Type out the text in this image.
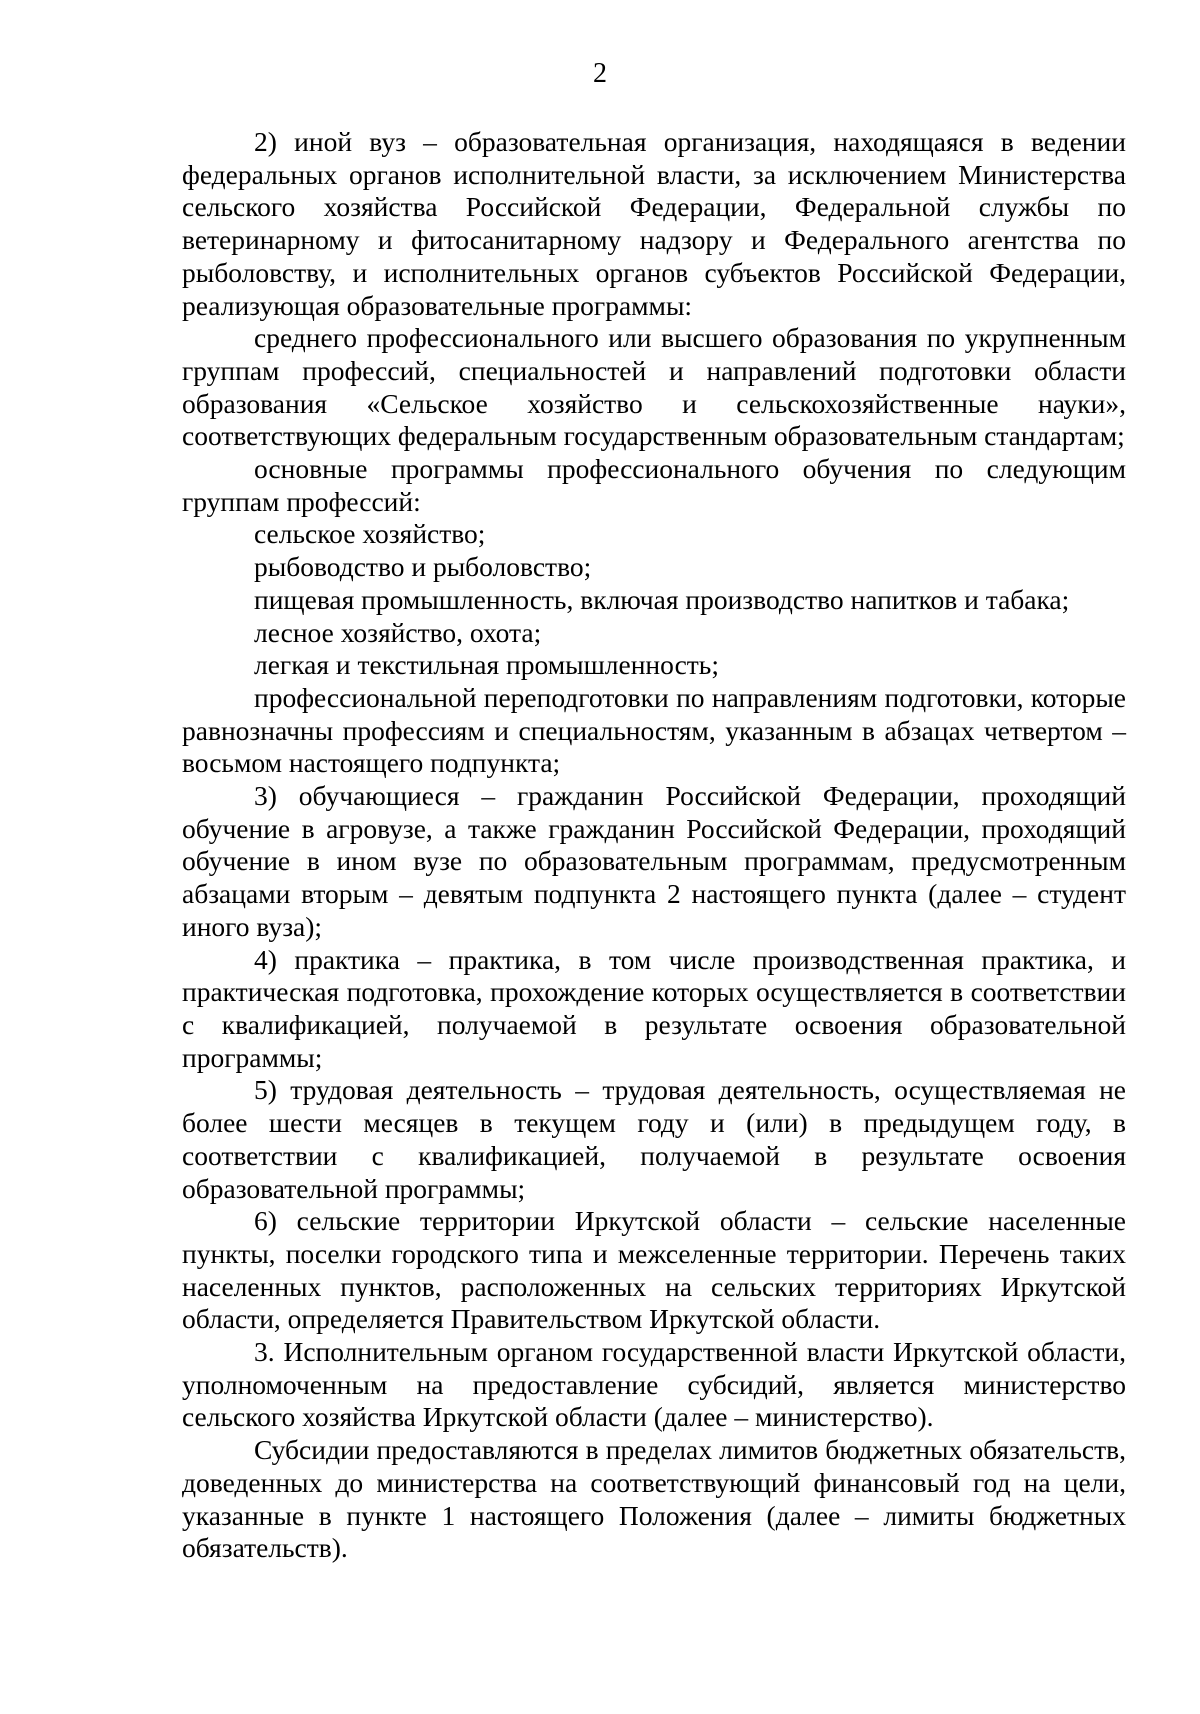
2

2) иной вуз – образовательная организация, находящаяся в ведении федеральных органов исполнительной власти, за исключением Министерства сельского хозяйства Российской Федерации, Федеральной службы по ветеринарному и фитосанитарному надзору и Федерального агентства по рыболовству, и исполнительных органов субъектов Российской Федерации, реализующая образовательные программы:

среднего профессионального или высшего образования по укрупненным группам профессий, специальностей и направлений подготовки области образования «Сельское хозяйство и сельскохозяйственные науки», соответствующих федеральным государственным образовательным стандартам;

основные программы профессионального обучения по следующим группам профессий:

сельское хозяйство;

рыбоводство и рыболовство;

пищевая промышленность, включая производство напитков и табака;

лесное хозяйство, охота;

легкая и текстильная промышленность;

профессиональной переподготовки по направлениям подготовки, которые равнозначны профессиям и специальностям, указанным в абзацах четвертом – восьмом настоящего подпункта;

3) обучающиеся – гражданин Российской Федерации, проходящий обучение в агровузе, а также гражданин Российской Федерации, проходящий обучение в ином вузе по образовательным программам, предусмотренным абзацами вторым – девятым подпункта 2 настоящего пункта (далее – студент иного вуза);

4) практика – практика, в том числе производственная практика, и практическая подготовка, прохождение которых осуществляется в соответствии с квалификацией, получаемой в результате освоения образовательной программы;

5) трудовая деятельность – трудовая деятельность, осуществляемая не более шести месяцев в текущем году и (или) в предыдущем году, в соответствии с квалификацией, получаемой в результате освоения образовательной программы;

6) сельские территории Иркутской области – сельские населенные пункты, поселки городского типа и межселенные территории. Перечень таких населенных пунктов, расположенных на сельских территориях Иркутской области, определяется Правительством Иркутской области.

3. Исполнительным органом государственной власти Иркутской области, уполномоченным на предоставление субсидий, является министерство сельского хозяйства Иркутской области (далее – министерство).

Субсидии предоставляются в пределах лимитов бюджетных обязательств, доведенных до министерства на соответствующий финансовый год на цели, указанные в пункте 1 настоящего Положения (далее – лимиты бюджетных обязательств).
